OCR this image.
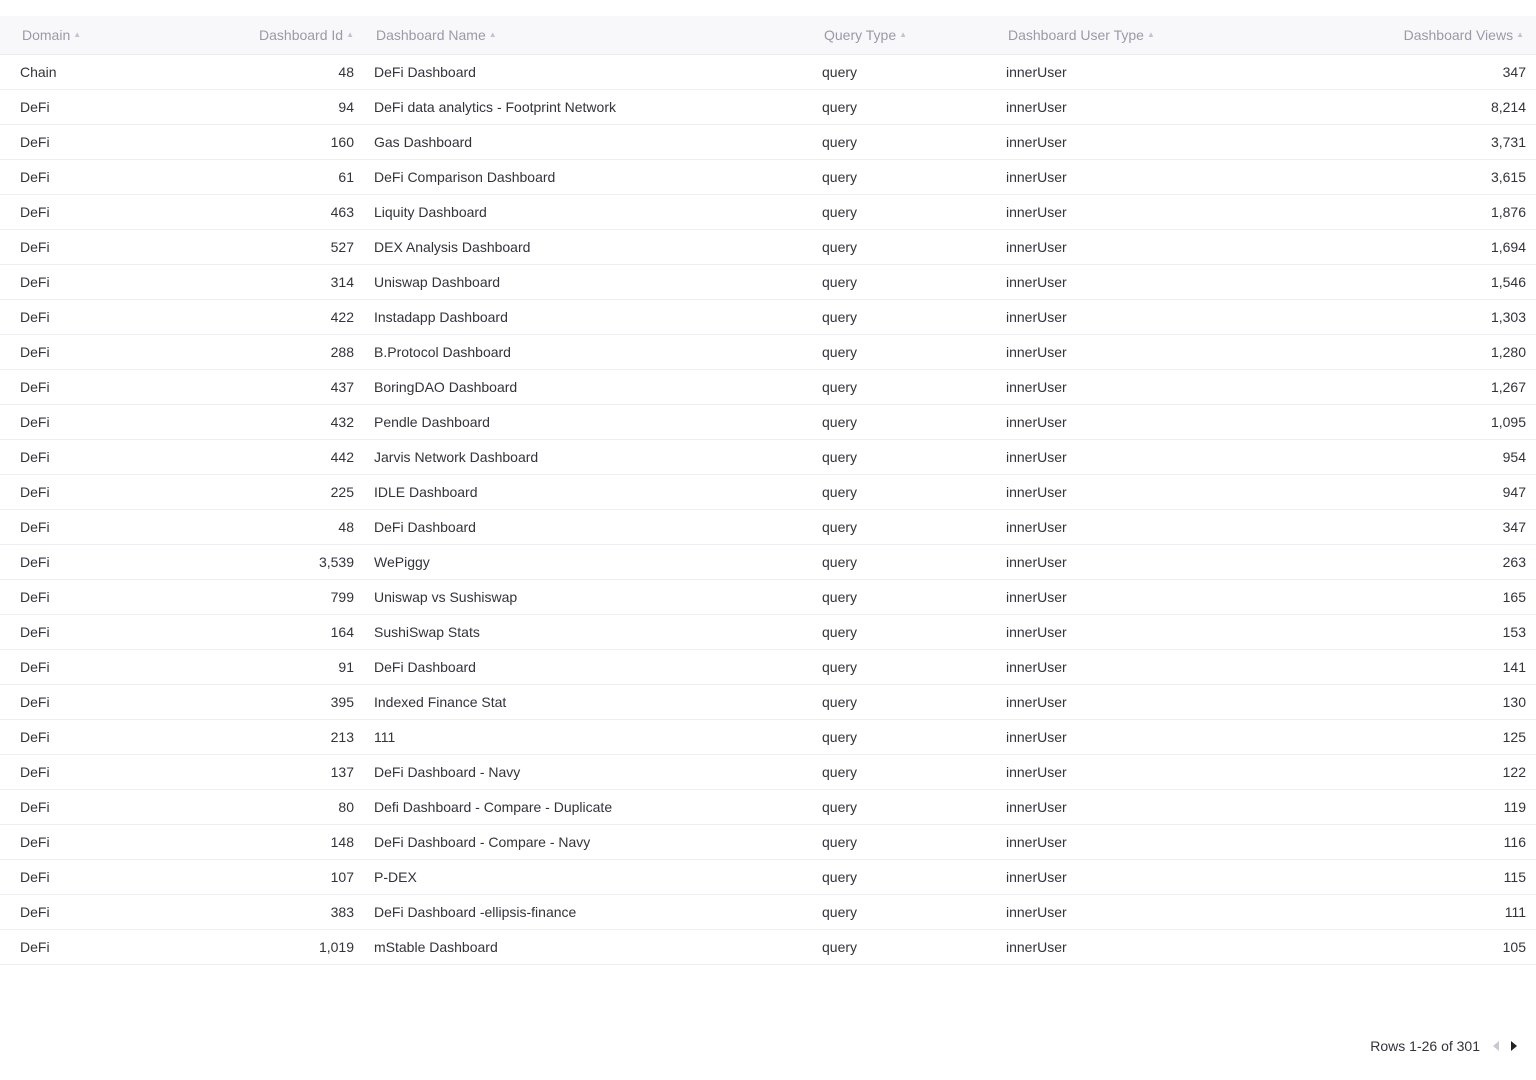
Domain ▲	Dashboard Id ▲	Dashboard Name ▲	Query Type ▲	Dashboard User Type ▲	Dashboard Views ▲

Chain	48	DeFi Dashboard	query	innerUser	347
DeFi	94	DeFi data analytics - Footprint Network	query	innerUser	8,214
DeFi	160	Gas Dashboard	query	innerUser	3,731
DeFi	61	DeFi Comparison Dashboard	query	innerUser	3,615
DeFi	463	Liquity Dashboard	query	innerUser	1,876
DeFi	527	DEX Analysis Dashboard	query	innerUser	1,694
DeFi	314	Uniswap Dashboard	query	innerUser	1,546
DeFi	422	Instadapp Dashboard	query	innerUser	1,303
DeFi	288	B.Protocol Dashboard	query	innerUser	1,280
DeFi	437	BoringDAO Dashboard	query	innerUser	1,267
DeFi	432	Pendle Dashboard	query	innerUser	1,095
DeFi	442	Jarvis Network Dashboard	query	innerUser	954
DeFi	225	IDLE Dashboard	query	innerUser	947
DeFi	48	DeFi Dashboard	query	innerUser	347
DeFi	3,539	WePiggy	query	innerUser	263
DeFi	799	Uniswap vs Sushiswap	query	innerUser	165
DeFi	164	SushiSwap Stats	query	innerUser	153
DeFi	91	DeFi Dashboard	query	innerUser	141
DeFi	395	Indexed Finance Stat	query	innerUser	130
DeFi	213	111	query	innerUser	125
DeFi	137	DeFi Dashboard - Navy	query	innerUser	122
DeFi	80	Defi Dashboard - Compare - Duplicate	query	innerUser	119
DeFi	148	DeFi Dashboard - Compare - Navy	query	innerUser	116
DeFi	107	P-DEX	query	innerUser	115
DeFi	383	DeFi Dashboard -ellipsis-finance	query	innerUser	111
DeFi	1,019	mStable Dashboard	query	innerUser	105
Rows 1-26 of 301
